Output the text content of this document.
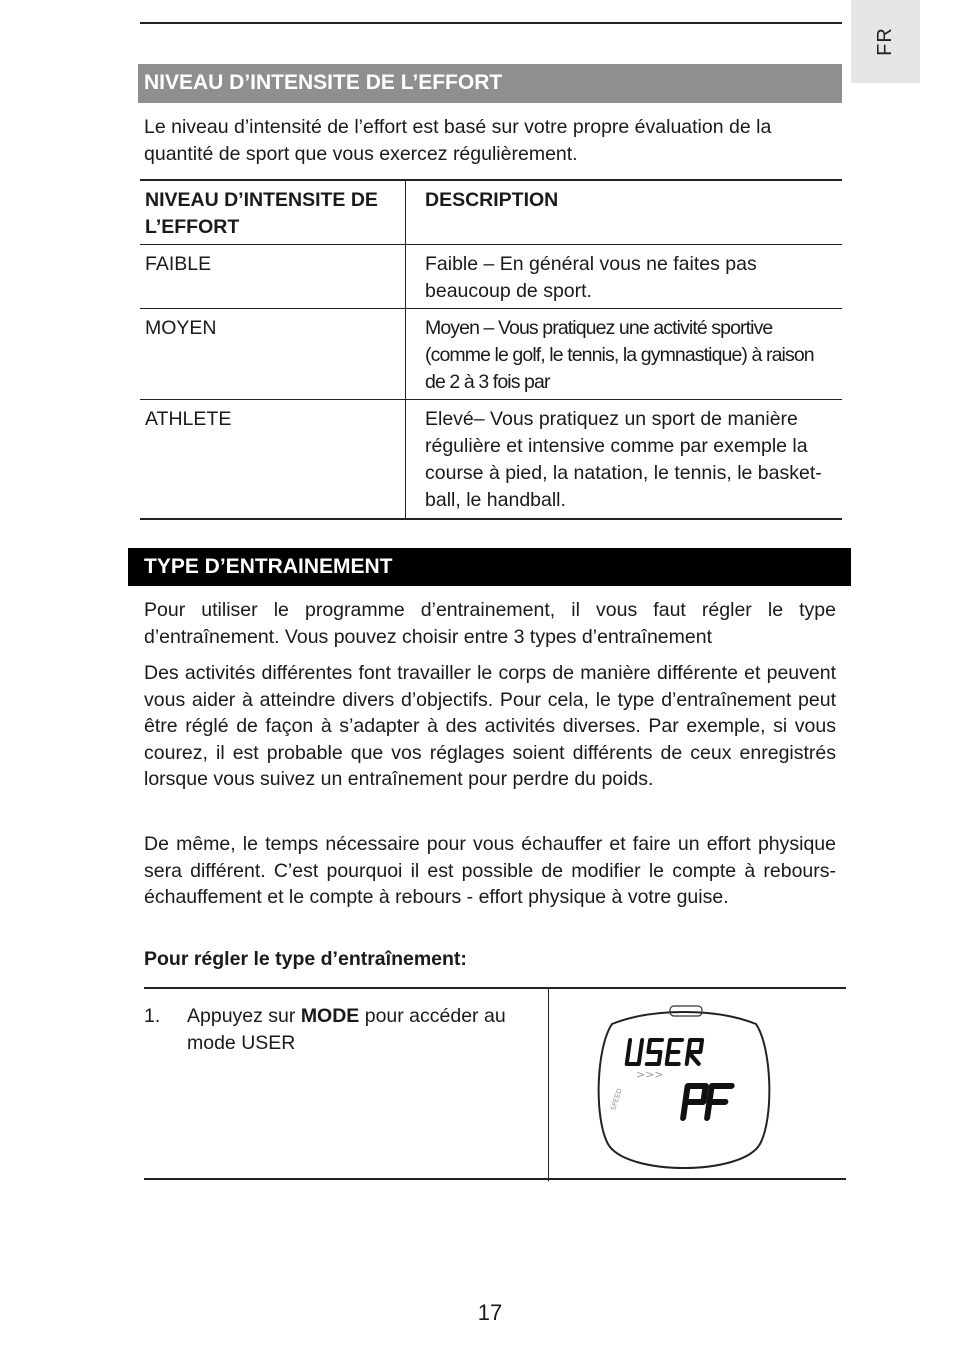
FR
NIVEAU D’INTENSITE DE L’EFFORT

Le niveau d’intensité de l’effort est basé sur votre propre évaluation de la quantité de sport que vous exercez régulièrement.

NIVEAU D’INTENSITE DE L’EFFORT	DESCRIPTION
FAIBLE	Faible – En général vous ne faites pas beaucoup de sport.
MOYEN	Moyen – Vous pratiquez une activité sportive (comme le golf, le tennis, la gymnastique) à raison de 2 à 3 fois par
ATHLETE	Elevé– Vous pratiquez un sport de manière régulière et intensive comme par exemple la course à pied, la natation, le tennis, le basket-ball, le handball.
TYPE D’ENTRAINEMENT

Pour utiliser le programme d’entrainement, il vous faut régler le type d’entraînement. Vous pouvez choisir entre 3 types d’entraînement

Des activités différentes font travailler le corps de manière différente et peuvent vous aider à atteindre divers d’objectifs. Pour cela, le type d’entraînement peut être réglé de façon à s’adapter à des activités diverses. Par exemple, si vous courez, il est probable que vos réglages soient différents de ceux enregistrés lorsque vous suivez un entraînement pour perdre du poids.

De même, le temps nécessaire pour vous échauffer et faire un effort physique sera différent. C’est pourquoi il est possible de modifier le compte à rebours- échauffement et le compte à rebours - effort physique à votre guise.

Pour régler le type d’entraînement:
1. Appuyez sur MODE pour accéder au mode USER
>>>
SPEED
17
